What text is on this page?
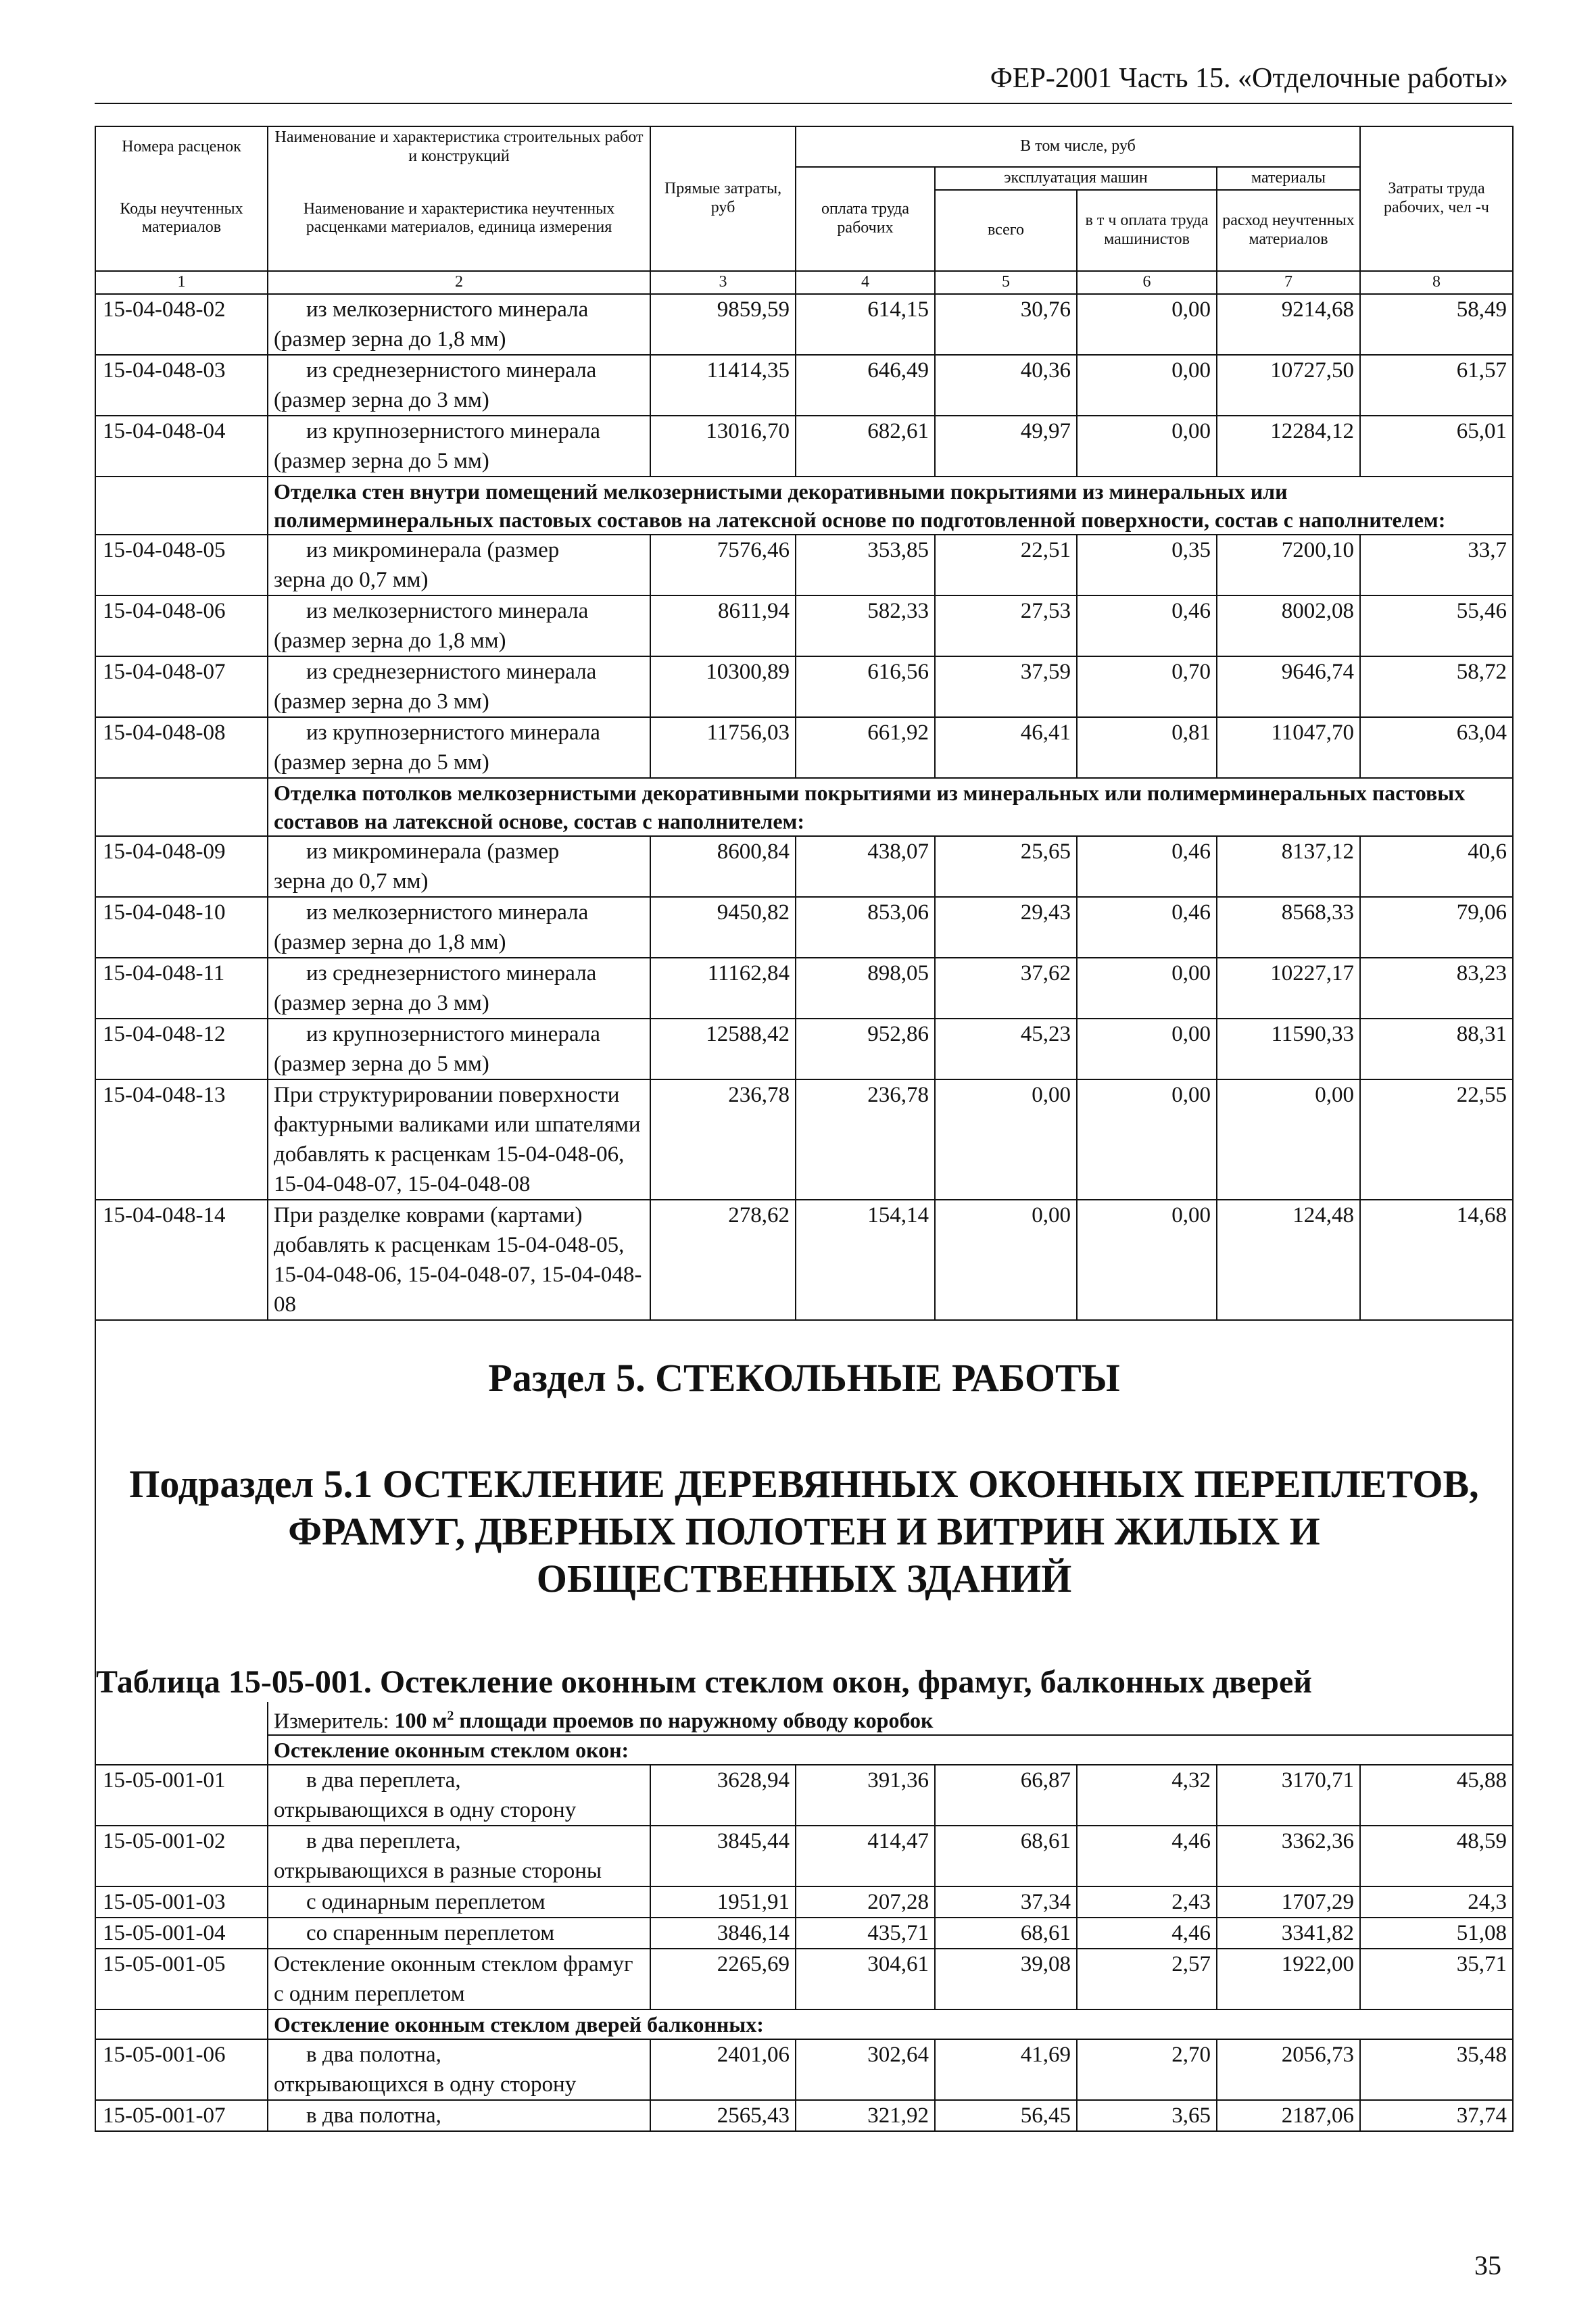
ФЕР-2001 Часть 15. «Отделочные работы»
Номера расценок	Наименование и характеристика строительных работ и конструкций	Прямые затраты, руб	В том числе, руб				Затраты труда рабочих, чел -ч
Коды неучтенных материалов	Наименование и характеристика неучтенных расценками материалов, единица измерения		оплата труда рабочих	эксплуатация машин		материалы	
				всего	в т ч оплата труда машинистов	расход неучтенных материалов	
1	2	3	4	5	6	7	8
15-04-048-02	из мелкозернистого минерала
(размер зерна до 1,8 мм)	9859,59	614,15	30,76	0,00	9214,68	58,49
15-04-048-03	из среднезернистого минерала
(размер зерна до 3 мм)	11414,35	646,49	40,36	0,00	10727,50	61,57
15-04-048-04	из крупнозернистого минерала
(размер зерна до 5 мм)	13016,70	682,61	49,97	0,00	12284,12	65,01
	Отделка стен внутри помещений мелкозернистыми декоративными покрытиями из минеральных или полимерминеральных пастовых составов на латексной основе по подготовленной поверхности, состав с наполнителем:						
15-04-048-05	из микроминерала (размер
зерна до 0,7 мм)	7576,46	353,85	22,51	0,35	7200,10	33,7
15-04-048-06	из мелкозернистого минерала
(размер зерна до 1,8 мм)	8611,94	582,33	27,53	0,46	8002,08	55,46
15-04-048-07	из среднезернистого минерала
(размер зерна до 3 мм)	10300,89	616,56	37,59	0,70	9646,74	58,72
15-04-048-08	из крупнозернистого минерала
(размер зерна до 5 мм)	11756,03	661,92	46,41	0,81	11047,70	63,04
	Отделка потолков мелкозернистыми декоративными покрытиями из минеральных или полимерминеральных пастовых составов на латексной основе, состав с наполнителем:						
15-04-048-09	из микроминерала (размер
зерна до 0,7 мм)	8600,84	438,07	25,65	0,46	8137,12	40,6
15-04-048-10	из мелкозернистого минерала
(размер зерна до 1,8 мм)	9450,82	853,06	29,43	0,46	8568,33	79,06
15-04-048-11	из среднезернистого минерала
(размер зерна до 3 мм)	11162,84	898,05	37,62	0,00	10227,17	83,23
15-04-048-12	из крупнозернистого минерала
(размер зерна до 5 мм)	12588,42	952,86	45,23	0,00	11590,33	88,31
15-04-048-13	При структурировании поверхности фактурными валиками или шпателями добавлять к расценкам 15-04-048-06, 15-04-048-07, 15-04-048-08	236,78	236,78	0,00	0,00	0,00	22,55
15-04-048-14	При разделке коврами (картами) добавлять к расценкам 15-04-048-05, 15-04-048-06, 15-04-048-07, 15-04-048-08	278,62	154,14	0,00	0,00	124,48	14,68

Раздел 5. СТЕКОЛЬНЫЕ РАБОТЫ
Подраздел 5.1 ОСТЕКЛЕНИЕ ДЕРЕВЯННЫХ ОКОННЫХ ПЕРЕПЛЕТОВ, ФРАМУГ, ДВЕРНЫХ ПОЛОТЕН И ВИТРИН ЖИЛЫХ И ОБЩЕСТВЕННЫХ ЗДАНИЙ
Таблица 15-05-001. Остекление оконным стеклом окон, фрамуг, балконных дверей							

	Измеритель: 100 $м^2$ площади проемов по наружному обводу коробок						
	Остекление оконным стеклом окон:						
15-05-001-01	в два переплета,
открывающихся в одну сторону	3628,94	391,36	66,87	4,32	3170,71	45,88
15-05-001-02	в два переплета,
открывающихся в разные стороны	3845,44	414,47	68,61	4,46	3362,36	48,59
15-05-001-03	с одинарным переплетом	1951,91	207,28	37,34	2,43	1707,29	24,3
15-05-001-04	со спаренным переплетом	3846,14	435,71	68,61	4,46	3341,82	51,08
15-05-001-05	Остекление оконным стеклом фрамуг с одним переплетом	2265,69	304,61	39,08	2,57	1922,00	35,71
	Остекление оконным стеклом дверей балконных:						
15-05-001-06	в два полотна,
открывающихся в одну сторону	2401,06	302,64	41,69	2,70	2056,73	35,48
15-05-001-07	в два полотна,	2565,43	321,92	56,45	3,65	2187,06	37,74
35
